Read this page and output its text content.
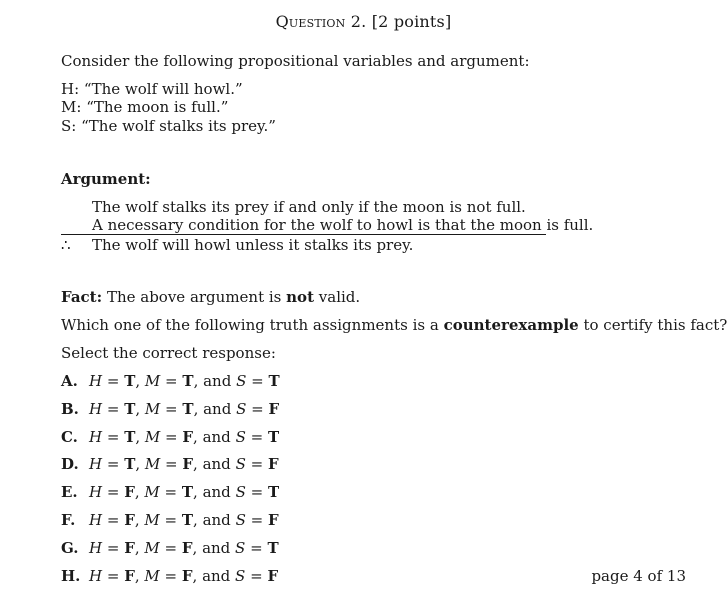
Question 2. [2 points]
Consider the following propositional variables and argument:
H: “The wolf will howl.”
M: “The moon is full.”
S: “The wolf stalks its prey.”
Argument:
The wolf stalks its prey if and only if the moon is not full.
A necessary condition for the wolf to howl is that the moon is full.
∴ The wolf will howl unless it stalks its prey.
Fact: The above argument is not valid.
Which one of the following truth assignments is a counterexample to certify this fact?
Select the correct response:
A. H = T, M = T, and S = T
B. H = T, M = T, and S = F
C. H = T, M = F, and S = T
D. H = T, M = F, and S = F
E. H = F, M = T, and S = T
F. H = F, M = T, and S = F
G. H = F, M = F, and S = T
H. H = F, M = F, and S = F	page 4 of 13
